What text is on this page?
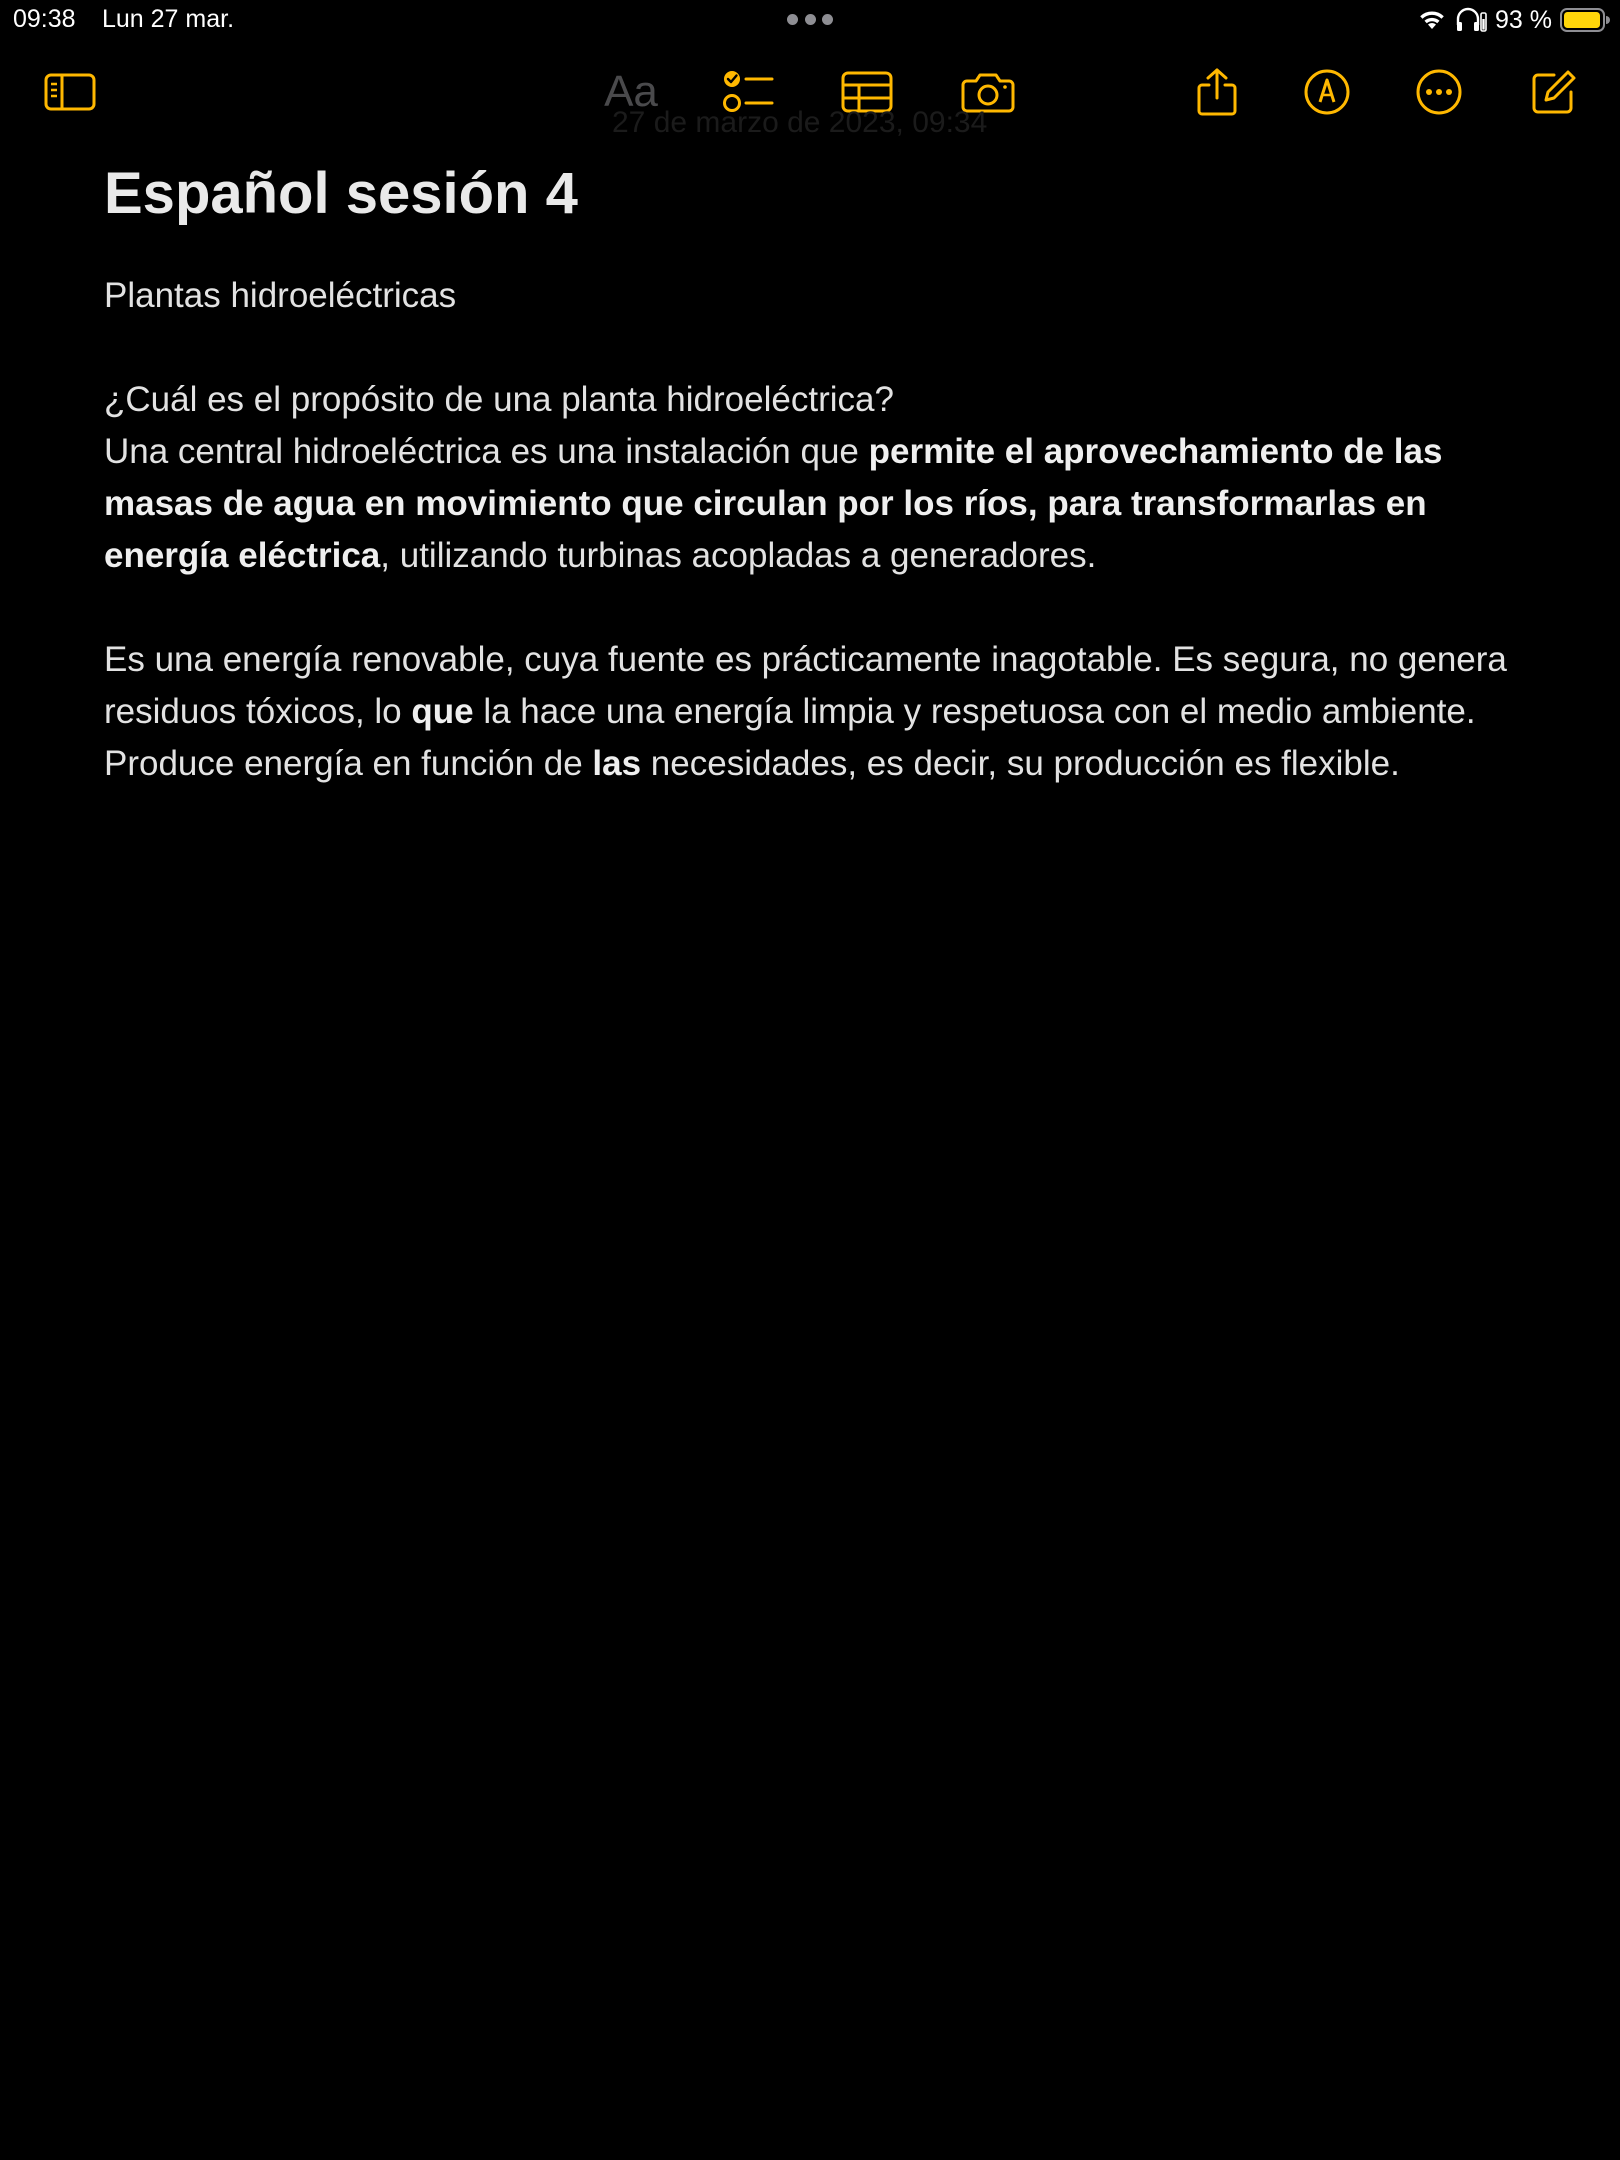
09:38 Lun 27 mar.	93 %
Aa
27 de marzo de 2023, 09:34
Español sesión 4

Plantas hidroeléctricas

¿Cuál es el propósito de una planta hidroeléctrica?

Una central hidroeléctrica es una instalación que permite el aprovechamiento de las masas de agua en movimiento que circulan por los ríos, para transformarlas en energía eléctrica, utilizando turbinas acopladas a generadores.

Es una energía renovable, cuya fuente es prácticamente inagotable. Es segura, no genera residuos tóxicos, lo que la hace una energía limpia y respetuosa con el medio ambiente. Produce energía en función de las necesidades, es decir, su producción es flexible.
